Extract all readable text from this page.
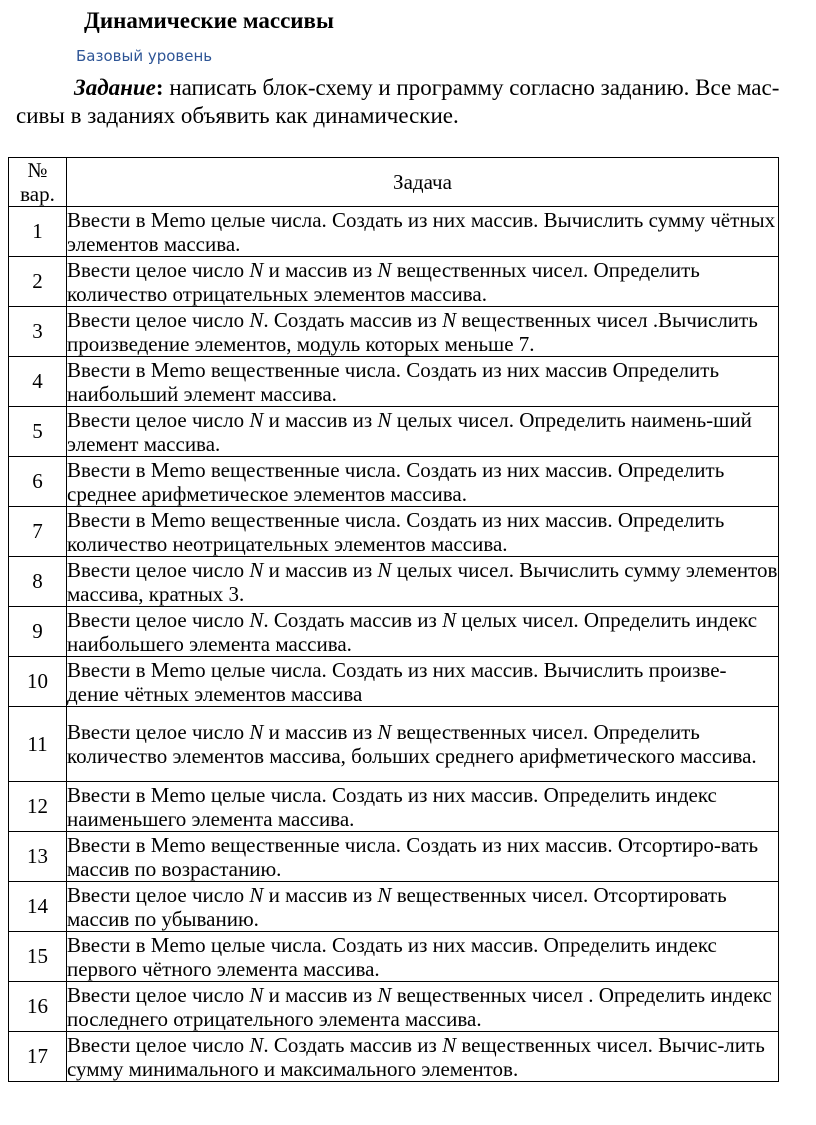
Динамические массивы
Базовый уровень

Задание: написать блок-схему и программу согласно заданию. Все мас-сивы в заданиях объявить как динамические.

№ вар.	Задача
1	Ввести в Memo целые числа. Создать из них массив. Вычислить сумму чётных элементов массива.
2	Ввести целое число N и массив из N вещественных чисел. Определить количество отрицательных элементов массива.
3	Ввести целое число N. Создать массив из N вещественных чисел .Вычислить произведение элементов, модуль которых меньше 7.
4	Ввести в Memo вещественные числа. Создать из них массив Определить наибольший элемент массива.
5	Ввести целое число N и массив из N целых чисел. Определить наимень-ший элемент массива.
6	Ввести в Memo вещественные числа. Создать из них массив. Определить среднее арифметическое элементов массива.
7	Ввести в Memo вещественные числа. Создать из них массив. Определить количество неотрицательных элементов массива.
8	Ввести целое число N и массив из N целых чисел. Вычислить сумму элементов массива, кратных 3.
9	Ввести целое число N. Создать массив из N целых чисел. Определить индекс наибольшего элемента массива.
10	Ввести в Memo целые числа. Создать из них массив. Вычислить произве-дение чётных элементов массива
11	Ввести целое число N и массив из N вещественных чисел. Определить количество элементов массива, больших среднего арифметического массива.
12	Ввести в Memo целые числа. Создать из них массив. Определить индекс наименьшего элемента массива.
13	Ввести в Memo вещественные числа. Создать из них массив. Отсортиро-вать массив по возрастанию.
14	Ввести целое число N и массив из N вещественных чисел. Отсортировать массив по убыванию.
15	Ввести в Memo целые числа. Создать из них массив. Определить индекс первого чётного элемента массива.
16	Ввести целое число N и массив из N вещественных чисел . Определить индекс последнего отрицательного элемента массива.
17	Ввести целое число N. Создать массив из N вещественных чисел. Вычис-лить сумму минимального и максимального элементов.
